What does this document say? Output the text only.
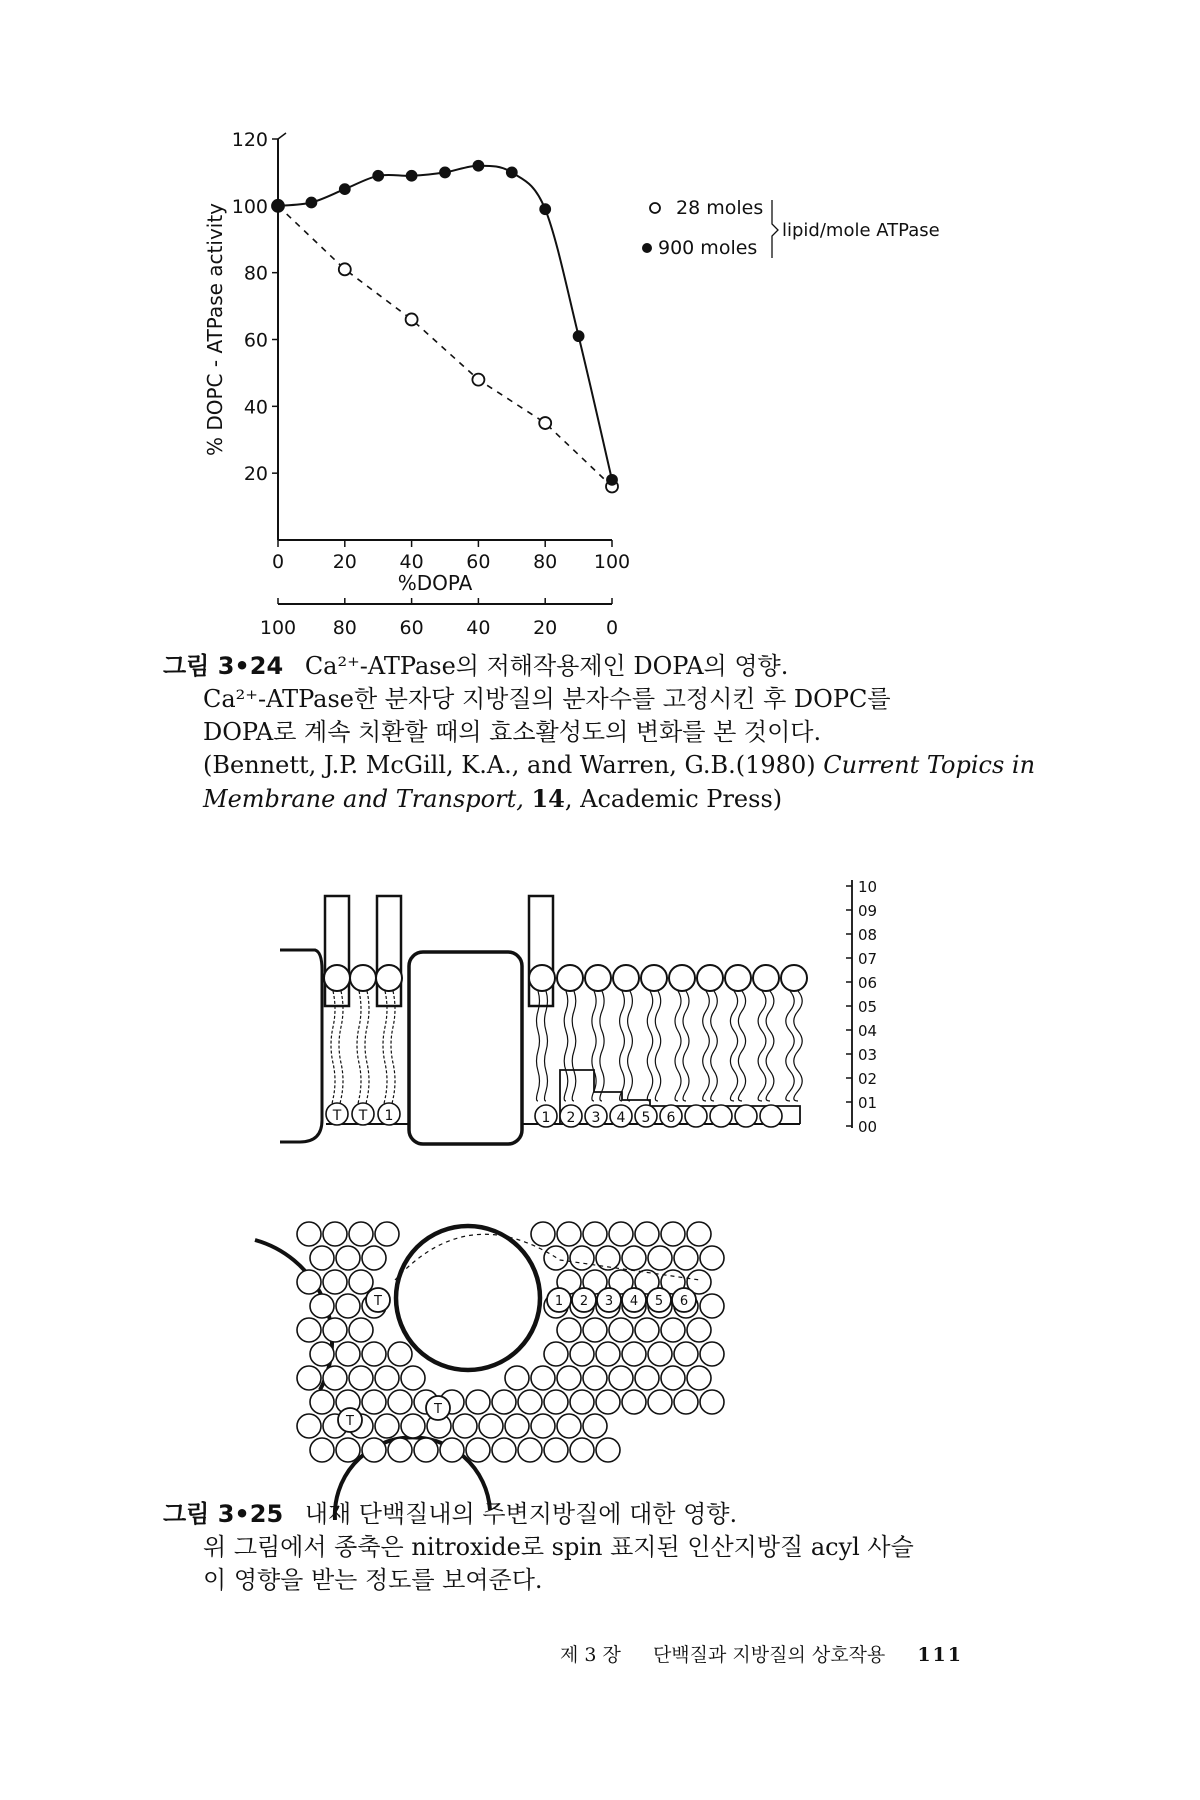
20
40
60
80
100
120
0	20 40 60 80 100
%DOPA
100 80 60 40 20	0
% DOPC - ATPase activity	28 moles
900 moles
lipid/mole ATPase
그림 3•24 Ca²⁺-ATPase의 저해작용제인 DOPA의 영향.
Ca²⁺-ATPase한 분자당 지방질의 분자수를 고정시킨 후 DOPC를
DOPA로 계속 치환할 때의 효소활성도의 변화를 본 것이다.
(Bennett, J.P. McGill, K.A., and Warren, G.B.(1980) Current Topics in
Membrane and Transport, 14, Academic Press)
T T 1	1 2 3 4 5 6
10
09
08
07
06
05
04
03
02
01
00
T
T
T
1 2 3 4 5 6
그림 3•25 내재 단백질내의 주변지방질에 대한 영향.
위 그림에서 종축은 nitroxide로 spin 표지된 인산지방질 acyl 사슬
이 영향을 받는 정도를 보여준다.
제 3 장 단백질과 지방질의 상호작용 111
